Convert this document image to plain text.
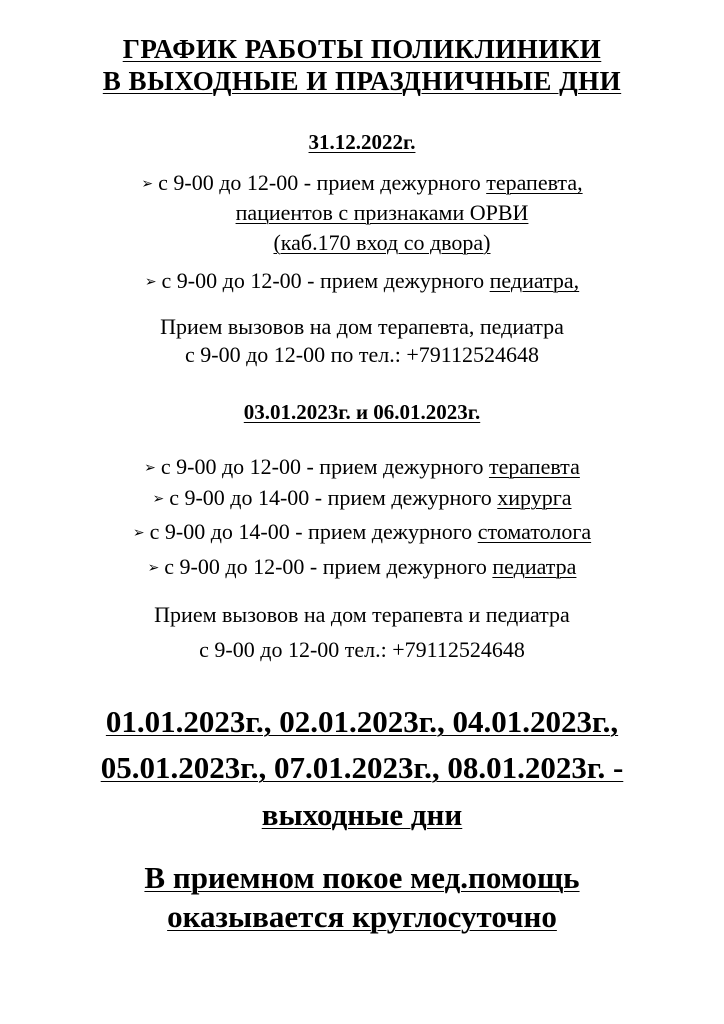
ГРАФИК РАБОТЫ ПОЛИКЛИНИКИ
В ВЫХОДНЫЕ И ПРАЗДНИЧНЫЕ ДНИ
31.12.2022г.
➢ с 9-00 до 12-00 - прием дежурного терапевта,
пациентов с признаками ОРВИ
(каб.170 вход со двора)
➢ с 9-00 до 12-00 - прием дежурного педиатра,
Прием вызовов на дом терапевта, педиатра
с 9-00 до 12-00 по тел.: +79112524648
03.01.2023г. и 06.01.2023г.
➢ с 9-00 до 12-00 - прием дежурного терапевта
➢ с 9-00 до 14-00 - прием дежурного хирурга
➢ с 9-00 до 14-00 - прием дежурного стоматолога
➢ с 9-00 до 12-00 - прием дежурного педиатра
Прием вызовов на дом терапевта и педиатра
с 9-00 до 12-00 тел.: +79112524648
01.01.2023г., 02.01.2023г., 04.01.2023г.,
05.01.2023г., 07.01.2023г., 08.01.2023г. -
выходные дни
В приемном покое мед.помощь
оказывается круглосуточно
